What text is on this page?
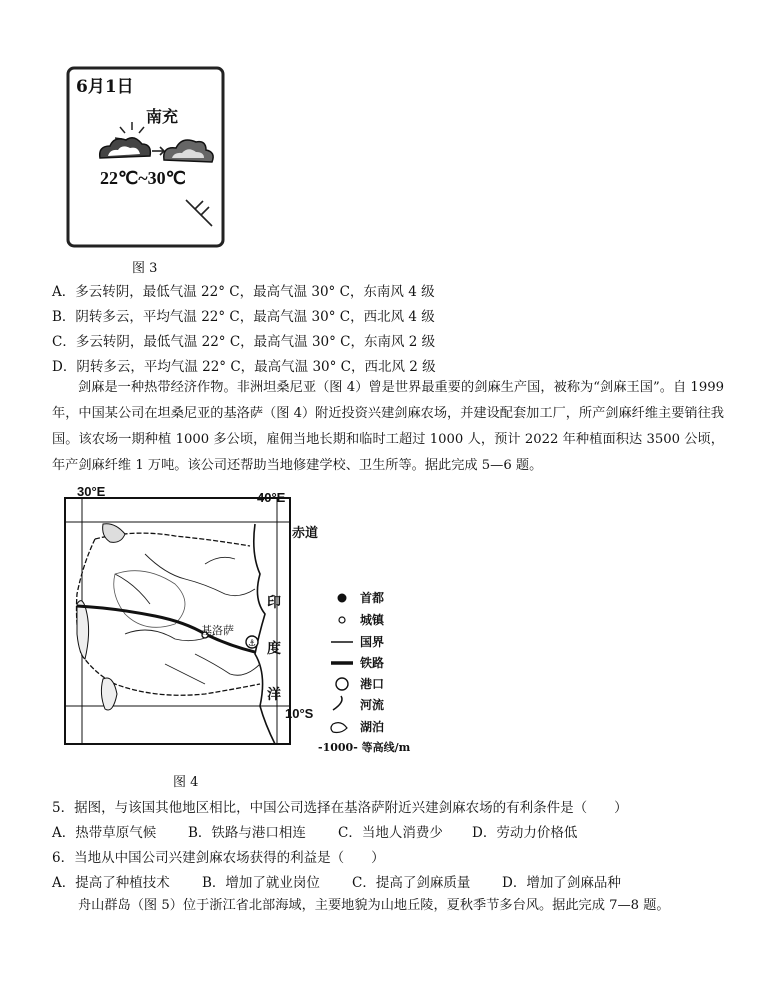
6月1日
南充
22℃~30℃
图 3
A．多云转阴，最低气温 22° C，最高气温 30° C，东南风 4 级
B．阴转多云，平均气温 22° C，最高气温 30° C，西北风 4 级
C．多云转阴，最低气温 22° C，最高气温 30° C，东南风 2 级
D．阴转多云，平均气温 22° C，最高气温 30° C，西北风 2 级
剑麻是一种热带经济作物。非洲坦桑尼亚（图 4）曾是世界最重要的剑麻生产国，被称为“剑麻王国”。自 1999 年，中国某公司在坦桑尼亚的基洛萨（图 4）附近投资兴建剑麻农场，并建设配套加工厂，所产剑麻纤维主要销往我国。该农场一期种植 1000 多公顷，雇佣当地长期和临时工超过 1000 人，预计 2022 年种植面积达 3500 公顷，年产剑麻纤维 1 万吨。该公司还帮助当地修建学校、卫生所等。据此完成 5—6 题。
⚓
30°E	40°E
赤道
10°S
印
度
洋
基洛萨
首都
城镇
国界
铁路
港口
河流
湖泊
-1000- 等高线/m
图 4
5．据图，与该国其他地区相比，中国公司选择在基洛萨附近兴建剑麻农场的有利条件是（　　）
A．热带草原气候 B．铁路与港口相连 C．当地人消费少 D．劳动力价格低
6．当地从中国公司兴建剑麻农场获得的利益是（　　）
A．提高了种植技术 B．增加了就业岗位 C．提高了剑麻质量 D．增加了剑麻品种
舟山群岛（图 5）位于浙江省北部海域，主要地貌为山地丘陵，夏秋季节多台风。据此完成 7—8 题。
